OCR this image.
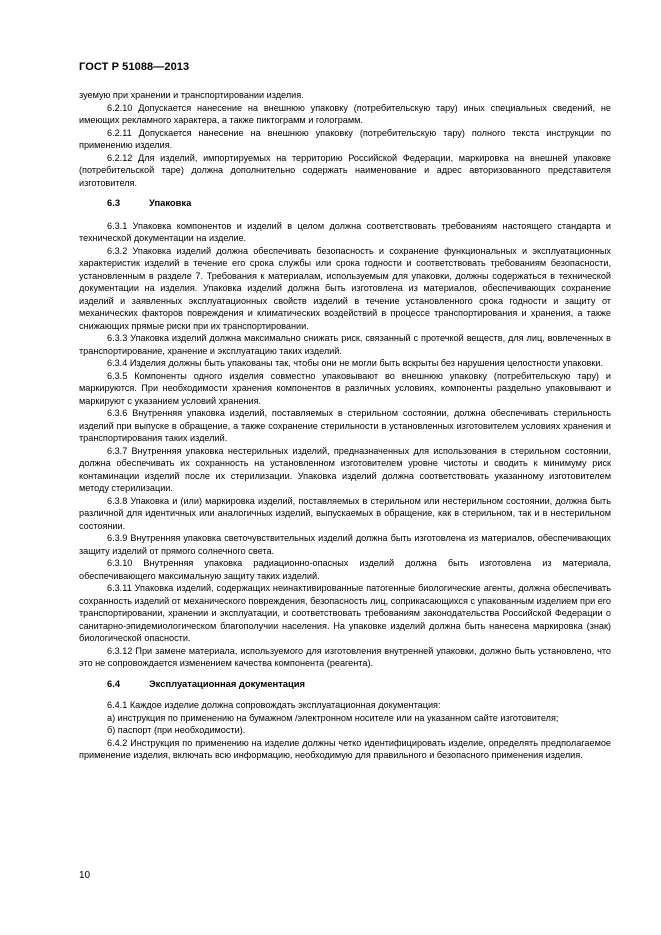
ГОСТ Р 51088—2013

зуемую при хранении и транспортировании изделия.

6.2.10 Допускается нанесение на внешнюю упаковку (потребительскую тару) иных специальных сведений, не имеющих рекламного характера, а также пиктограмм и голограмм.

6.2.11 Допускается нанесение на внешнюю упаковку (потребительскую тару) полного текста инструкции по применению изделия.

6.2.12 Для изделий, импортируемых на территорию Российской Федерации, маркировка на внешней упаковке (потребительской таре) должна дополнительно содержать наименование и адрес авторизованного представителя изготовителя.

6.3	Упаковка

6.3.1 Упаковка компонентов и изделий в целом должна соответствовать требованиям настоящего стандарта и технической документации на изделие.

6.3.2 Упаковка изделий должна обеспечивать безопасность и сохранение функциональных и эксплуатационных характеристик изделий в течение его срока службы или срока годности и соответствовать требованиям безопасности, установленным в разделе 7. Требования к материалам, используемым для упаковки, должны содержаться в технической документации на изделия. Упаковка изделий должна быть изготовлена из материалов, обеспечивающих сохранение изделий и заявленных эксплуатационных свойств изделий в течение установленного срока годности и защиту от механических факторов повреждения и климатических воздействий в процессе транспортирования и хранения, а также снижающих прямые риски при их транспортировании.

6.3.3 Упаковка изделий должна максимально снижать риск, связанный с протечкой веществ, для лиц, вовлеченных в транспортирование, хранение и эксплуатацию таких изделий.

6.3.4 Изделия должны быть упакованы так, чтобы они не могли быть вскрыты без нарушения целостности упаковки.

6.3.5 Компоненты одного изделия совместно упаковывают во внешнюю упаковку (потребительскую тару) и маркируются. При необходимости хранения компонентов в различных условиях, компоненты раздельно упаковывают и маркируют с указанием условий хранения.

6.3.6 Внутренняя упаковка изделий, поставляемых в стерильном состоянии, должна обеспечивать стерильность изделий при выпуске в обращение, а также сохранение стерильности в установленных изготовителем условиях хранения и транспортирования таких изделий.

6.3.7 Внутренняя упаковка нестерильных изделий, предназначенных для использования в стерильном состоянии, должна обеспечивать их сохранность на установленном изготовителем уровне чистоты и сводить к минимуму риск контаминации изделий после их стерилизации. Упаковка изделий должна соответствовать указанному изготовителем методу стерилизации.

6.3.8 Упаковка и (или) маркировка изделий, поставляемых в стерильном или нестерильном состоянии, должна быть различной для идентичных или аналогичных изделий, выпускаемых в обращение, как в стерильном, так и в нестерильном состоянии.

6.3.9 Внутренняя упаковка светочувствительных изделий должна быть изготовлена из материалов, обеспечивающих защиту изделий от прямого солнечного света.

6.3.10 Внутренняя упаковка радиационно-опасных изделий должна быть изготовлена из материала, обеспечивающего максимальную защиту таких изделий.

6.3.11 Упаковка изделий, содержащих неинактивированные патогенные биологические агенты, должна обеспечивать сохранность изделий от механического повреждения, безопасность лиц, соприкасающихся с упакованным изделием при его транспортировании, хранении и эксплуатации, и соответствовать требованиям законодательства Российской Федерации о санитарно-эпидемиологическом благополучии населения. На упаковке изделий должна быть нанесена маркировка (знак) биологической опасности.

6.3.12 При замене материала, используемого для изготовления внутренней упаковки, должно быть установлено, что это не сопровождается изменением качества компонента (реагента).

6.4	Эксплуатационная документация

6.4.1 Каждое изделие должна сопровождать эксплуатационная документация:

а) инструкция по применению на бумажном /электронном носителе или на указанном сайте изготовителя;

б) паспорт (при необходимости).

6.4.2 Инструкция по применению на изделие должны четко идентифицировать изделие, определять предполагаемое применение изделия, включать всю информацию, необходимую для правильного и безопасного применения изделия.

10
